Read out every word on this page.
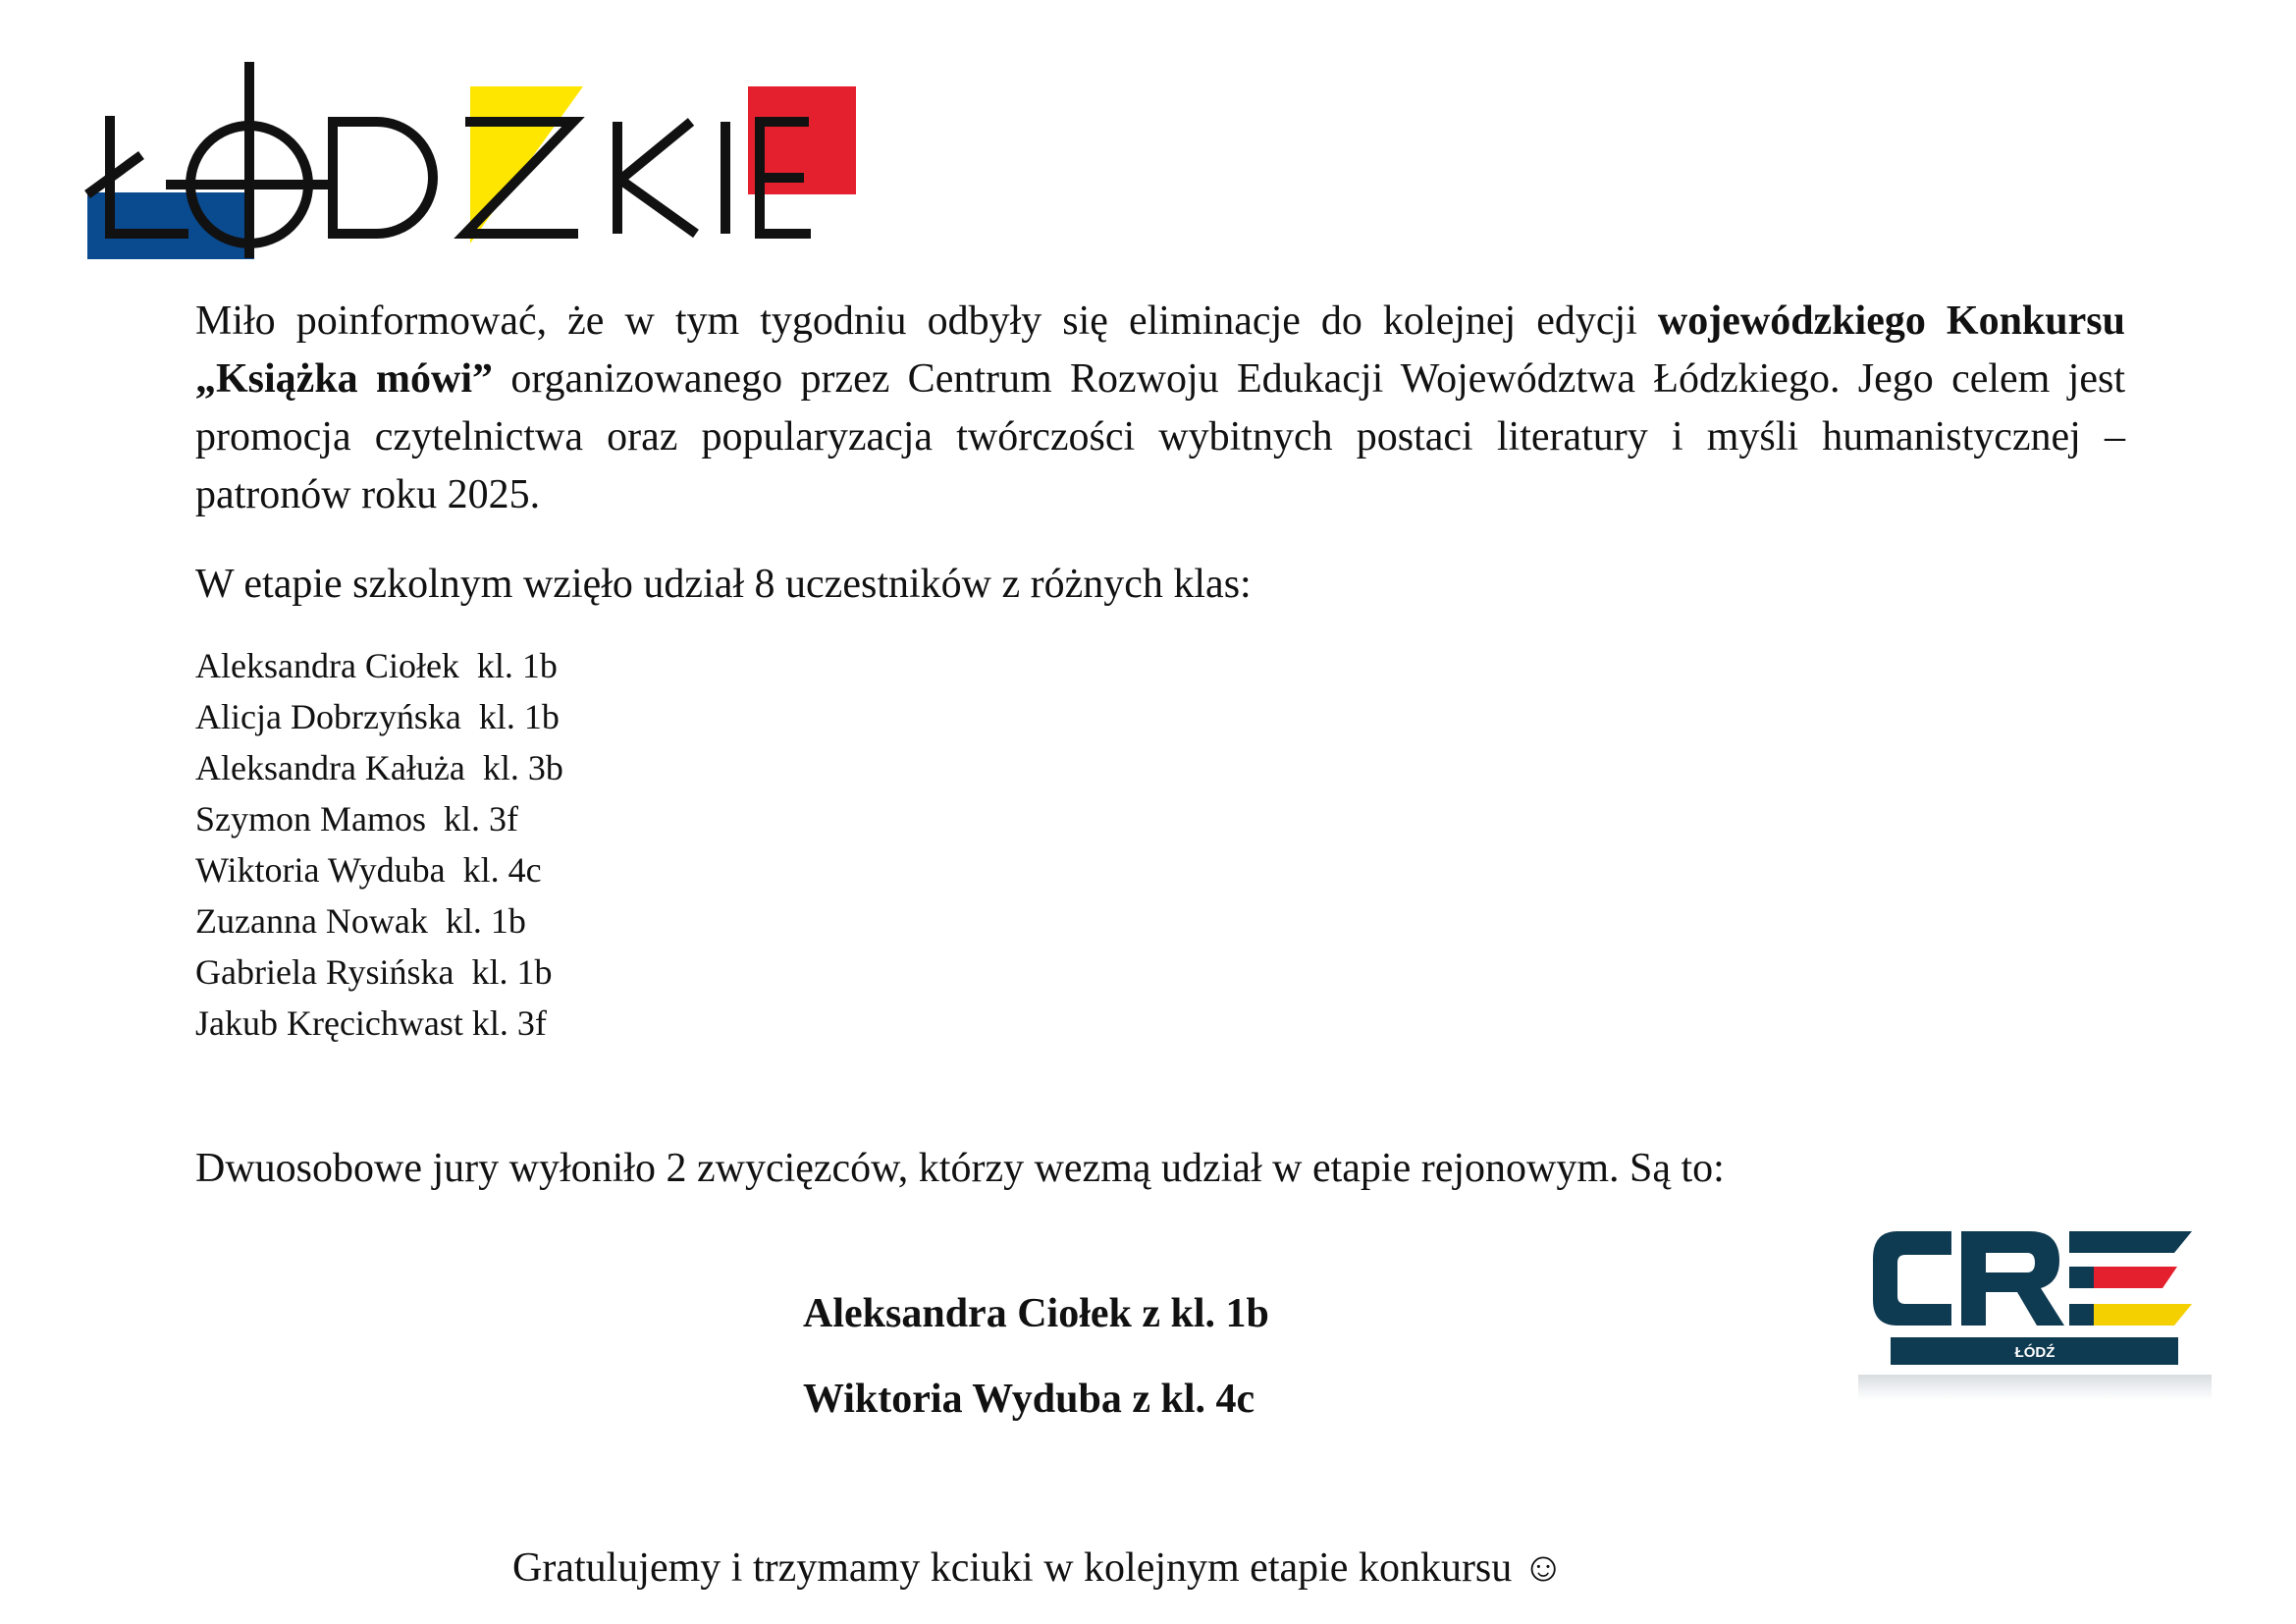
Miło poinformować, że w tym tygodniu odbyły się eliminacje do kolejnej edycji wojewódzkiego Konkursu „Książka mówi” organizowanego przez Centrum Rozwoju Edukacji Województwa Łódzkiego. Jego celem jest promocja czytelnictwa oraz popularyzacja twórczości wybitnych postaci literatury i myśli humanistycznej – patronów roku 2025.

W etapie szkolnym wzięło udział 8 uczestników z różnych klas:

Aleksandra Ciołek  kl. 1b
Alicja Dobrzyńska  kl. 1b
Aleksandra Kałuża  kl. 3b
Szymon Mamos  kl. 3f
Wiktoria Wyduba  kl. 4c
Zuzanna Nowak  kl. 1b
Gabriela Rysińska  kl. 1b
Jakub Kręcichwast kl. 3f

Dwuosobowe jury wyłoniło 2 zwycięzców, którzy wezmą udział w etapie rejonowym. Są to:

Aleksandra Ciołek z kl. 1b

Wiktoria Wyduba z kl. 4c

ŁÓDŹ

Gratulujemy i trzymamy kciuki w kolejnym etapie konkursu ☺
